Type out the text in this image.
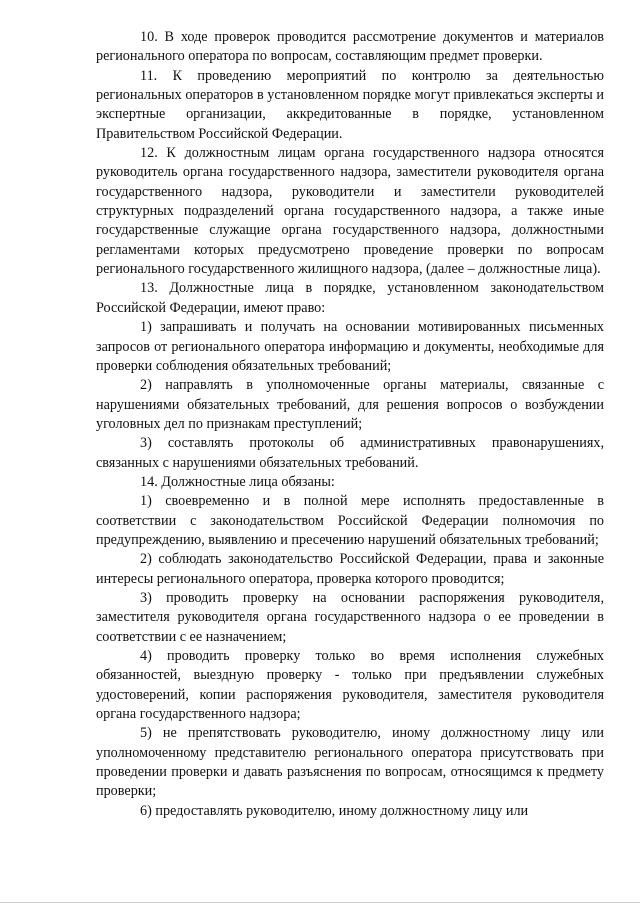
10. В ходе проверок проводится рассмотрение документов и материалов регионального оператора по вопросам, составляющим предмет проверки.

11. К проведению мероприятий по контролю за деятельностью региональных операторов в установленном порядке могут привлекаться эксперты и экспертные организации, аккредитованные в порядке, установленном Правительством Российской Федерации.

12. К должностным лицам органа государственного надзора относятся руководитель органа государственного надзора, заместители руководителя органа государственного надзора, руководители и заместители руководителей структурных подразделений органа государственного надзора, а также иные государственные служащие органа государственного надзора, должностными регламентами которых предусмотрено проведение проверки по вопросам регионального государственного жилищного надзора, (далее – должностные лица).

13. Должностные лица в порядке, установленном законодательством Российской Федерации, имеют право:

1) запрашивать и получать на основании мотивированных письменных запросов от регионального оператора информацию и документы, необходимые для проверки соблюдения обязательных требований;

2) направлять в уполномоченные органы материалы, связанные с нарушениями обязательных требований, для решения вопросов о возбуждении уголовных дел по признакам преступлений;

3) составлять протоколы об административных правонарушениях, связанных с нарушениями обязательных требований.

14. Должностные лица обязаны:

1) своевременно и в полной мере исполнять предоставленные в соответствии с законодательством Российской Федерации полномочия по предупреждению, выявлению и пресечению нарушений обязательных требований;

2) соблюдать законодательство Российской Федерации, права и законные интересы регионального оператора, проверка которого проводится;

3) проводить проверку на основании распоряжения руководителя, заместителя руководителя органа государственного надзора о ее проведении в соответствии с ее назначением;

4) проводить проверку только во время исполнения служебных обязанностей, выездную проверку - только при предъявлении служебных удостоверений, копии распоряжения руководителя, заместителя руководителя органа государственного надзора;

5) не препятствовать руководителю, иному должностному лицу или уполномоченному представителю регионального оператора присутствовать при проведении проверки и давать разъяснения по вопросам, относящимся к предмету проверки;

6) предоставлять руководителю, иному должностному лицу или
